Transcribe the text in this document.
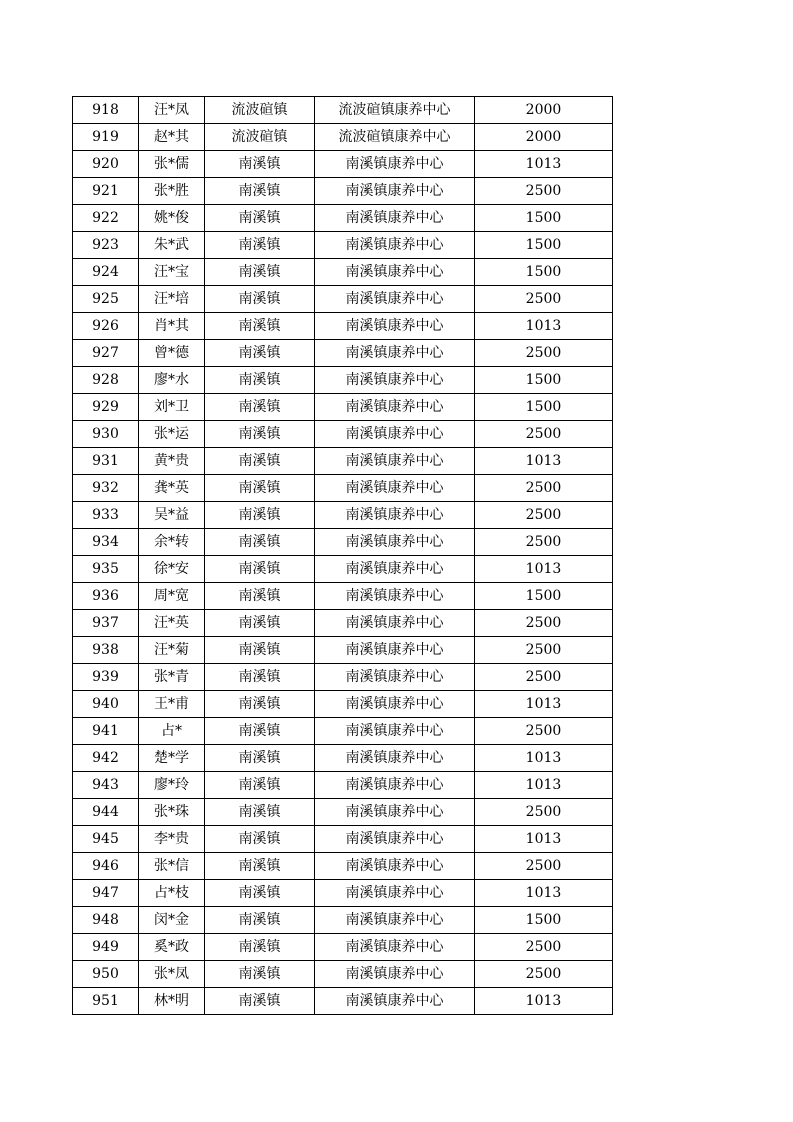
918	汪*凤	流波碹镇	流波碹镇康养中心	2000
919	赵*其	流波碹镇	流波碹镇康养中心	2000
920	张*儒	南溪镇	南溪镇康养中心	1013
921	张*胜	南溪镇	南溪镇康养中心	2500
922	姚*俊	南溪镇	南溪镇康养中心	1500
923	朱*武	南溪镇	南溪镇康养中心	1500
924	汪*宝	南溪镇	南溪镇康养中心	1500
925	汪*培	南溪镇	南溪镇康养中心	2500
926	肖*其	南溪镇	南溪镇康养中心	1013
927	曾*德	南溪镇	南溪镇康养中心	2500
928	廖*水	南溪镇	南溪镇康养中心	1500
929	刘*卫	南溪镇	南溪镇康养中心	1500
930	张*运	南溪镇	南溪镇康养中心	2500
931	黄*贵	南溪镇	南溪镇康养中心	1013
932	龚*英	南溪镇	南溪镇康养中心	2500
933	吴*益	南溪镇	南溪镇康养中心	2500
934	余*转	南溪镇	南溪镇康养中心	2500
935	徐*安	南溪镇	南溪镇康养中心	1013
936	周*宽	南溪镇	南溪镇康养中心	1500
937	汪*英	南溪镇	南溪镇康养中心	2500
938	汪*菊	南溪镇	南溪镇康养中心	2500
939	张*青	南溪镇	南溪镇康养中心	2500
940	王*甫	南溪镇	南溪镇康养中心	1013
941	占*	南溪镇	南溪镇康养中心	2500
942	楚*学	南溪镇	南溪镇康养中心	1013
943	廖*玲	南溪镇	南溪镇康养中心	1013
944	张*珠	南溪镇	南溪镇康养中心	2500
945	李*贵	南溪镇	南溪镇康养中心	1013
946	张*信	南溪镇	南溪镇康养中心	2500
947	占*枝	南溪镇	南溪镇康养中心	1013
948	闵*金	南溪镇	南溪镇康养中心	1500
949	奚*政	南溪镇	南溪镇康养中心	2500
950	张*凤	南溪镇	南溪镇康养中心	2500
951	林*明	南溪镇	南溪镇康养中心	1013
